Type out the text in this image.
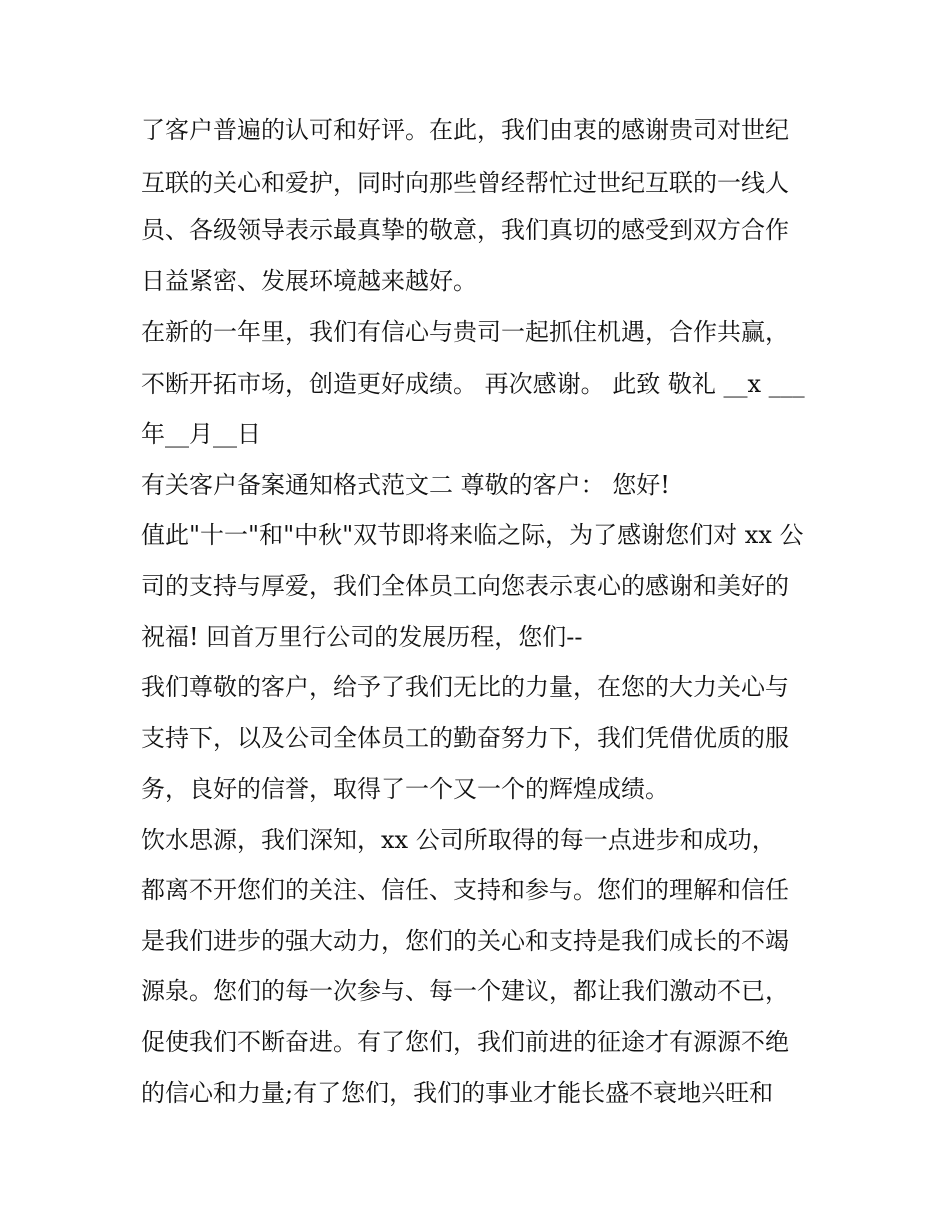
了客户普遍的认可和好评。在此，我们由衷的感谢贵司对世纪
互联的关心和爱护，同时向那些曾经帮忙过世纪互联的一线人
员、各级领导表示最真挚的敬意，我们真切的感受到双方合作
日益紧密、发展环境越来越好。
在新的一年里，我们有信心与贵司一起抓住机遇，合作共赢，
不断开拓市场，创造更好成绩。 再次感谢。 此致 敬礼 __x ___
年__月__日
有关客户备案通知格式范文二 尊敬的客户： 您好!
值此"十一"和"中秋"双节即将来临之际，为了感谢您们对 xx 公
司的支持与厚爱，我们全体员工向您表示衷心的感谢和美好的
祝福! 回首万里行公司的发展历程，您们--
我们尊敬的客户，给予了我们无比的力量，在您的大力关心与
支持下，以及公司全体员工的勤奋努力下，我们凭借优质的服
务，良好的信誉，取得了一个又一个的辉煌成绩。
饮水思源，我们深知，xx 公司所取得的每一点进步和成功，
都离不开您们的关注、信任、支持和参与。您们的理解和信任
是我们进步的强大动力，您们的关心和支持是我们成长的不竭
源泉。您们的每一次参与、每一个建议，都让我们激动不已，
促使我们不断奋进。有了您们，我们前进的征途才有源源不绝
的信心和力量;有了您们，我们的事业才能长盛不衰地兴旺和
